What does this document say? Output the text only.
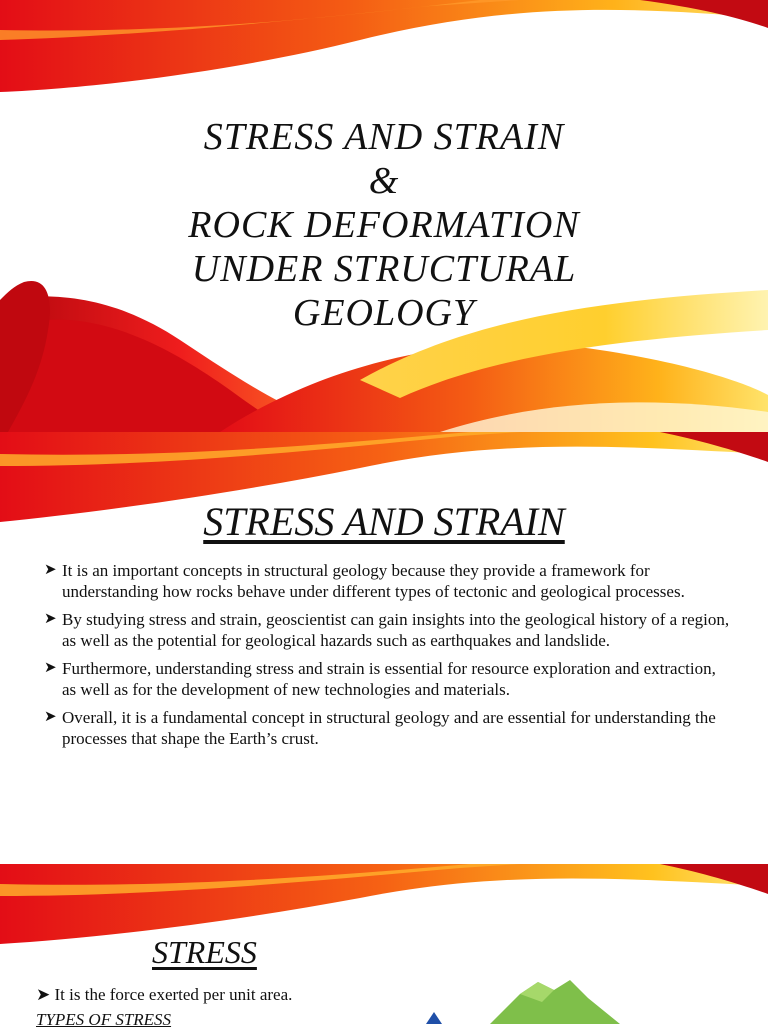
STRESS AND STRAIN
&
ROCK DEFORMATION
UNDER STRUCTURAL
GEOLOGY
STRESS AND STRAIN
➤ It is an important concepts in structural geology because they provide a framework for understanding how rocks behave under different types of tectonic and geological processes.
➤ By studying stress and strain, geoscientist can gain insights into the geological history of a region, as well as the potential for geological hazards such as earthquakes and landslide.
➤ Furthermore, understanding stress and strain is essential for resource exploration and extraction, as well as for the development of new technologies and materials.
➤ Overall, it is a fundamental concept in structural geology and are essential for understanding the processes that shape the Earth’s crust.
STRESS
➤ It is the force exerted per unit area.
TYPES OF STRESS
